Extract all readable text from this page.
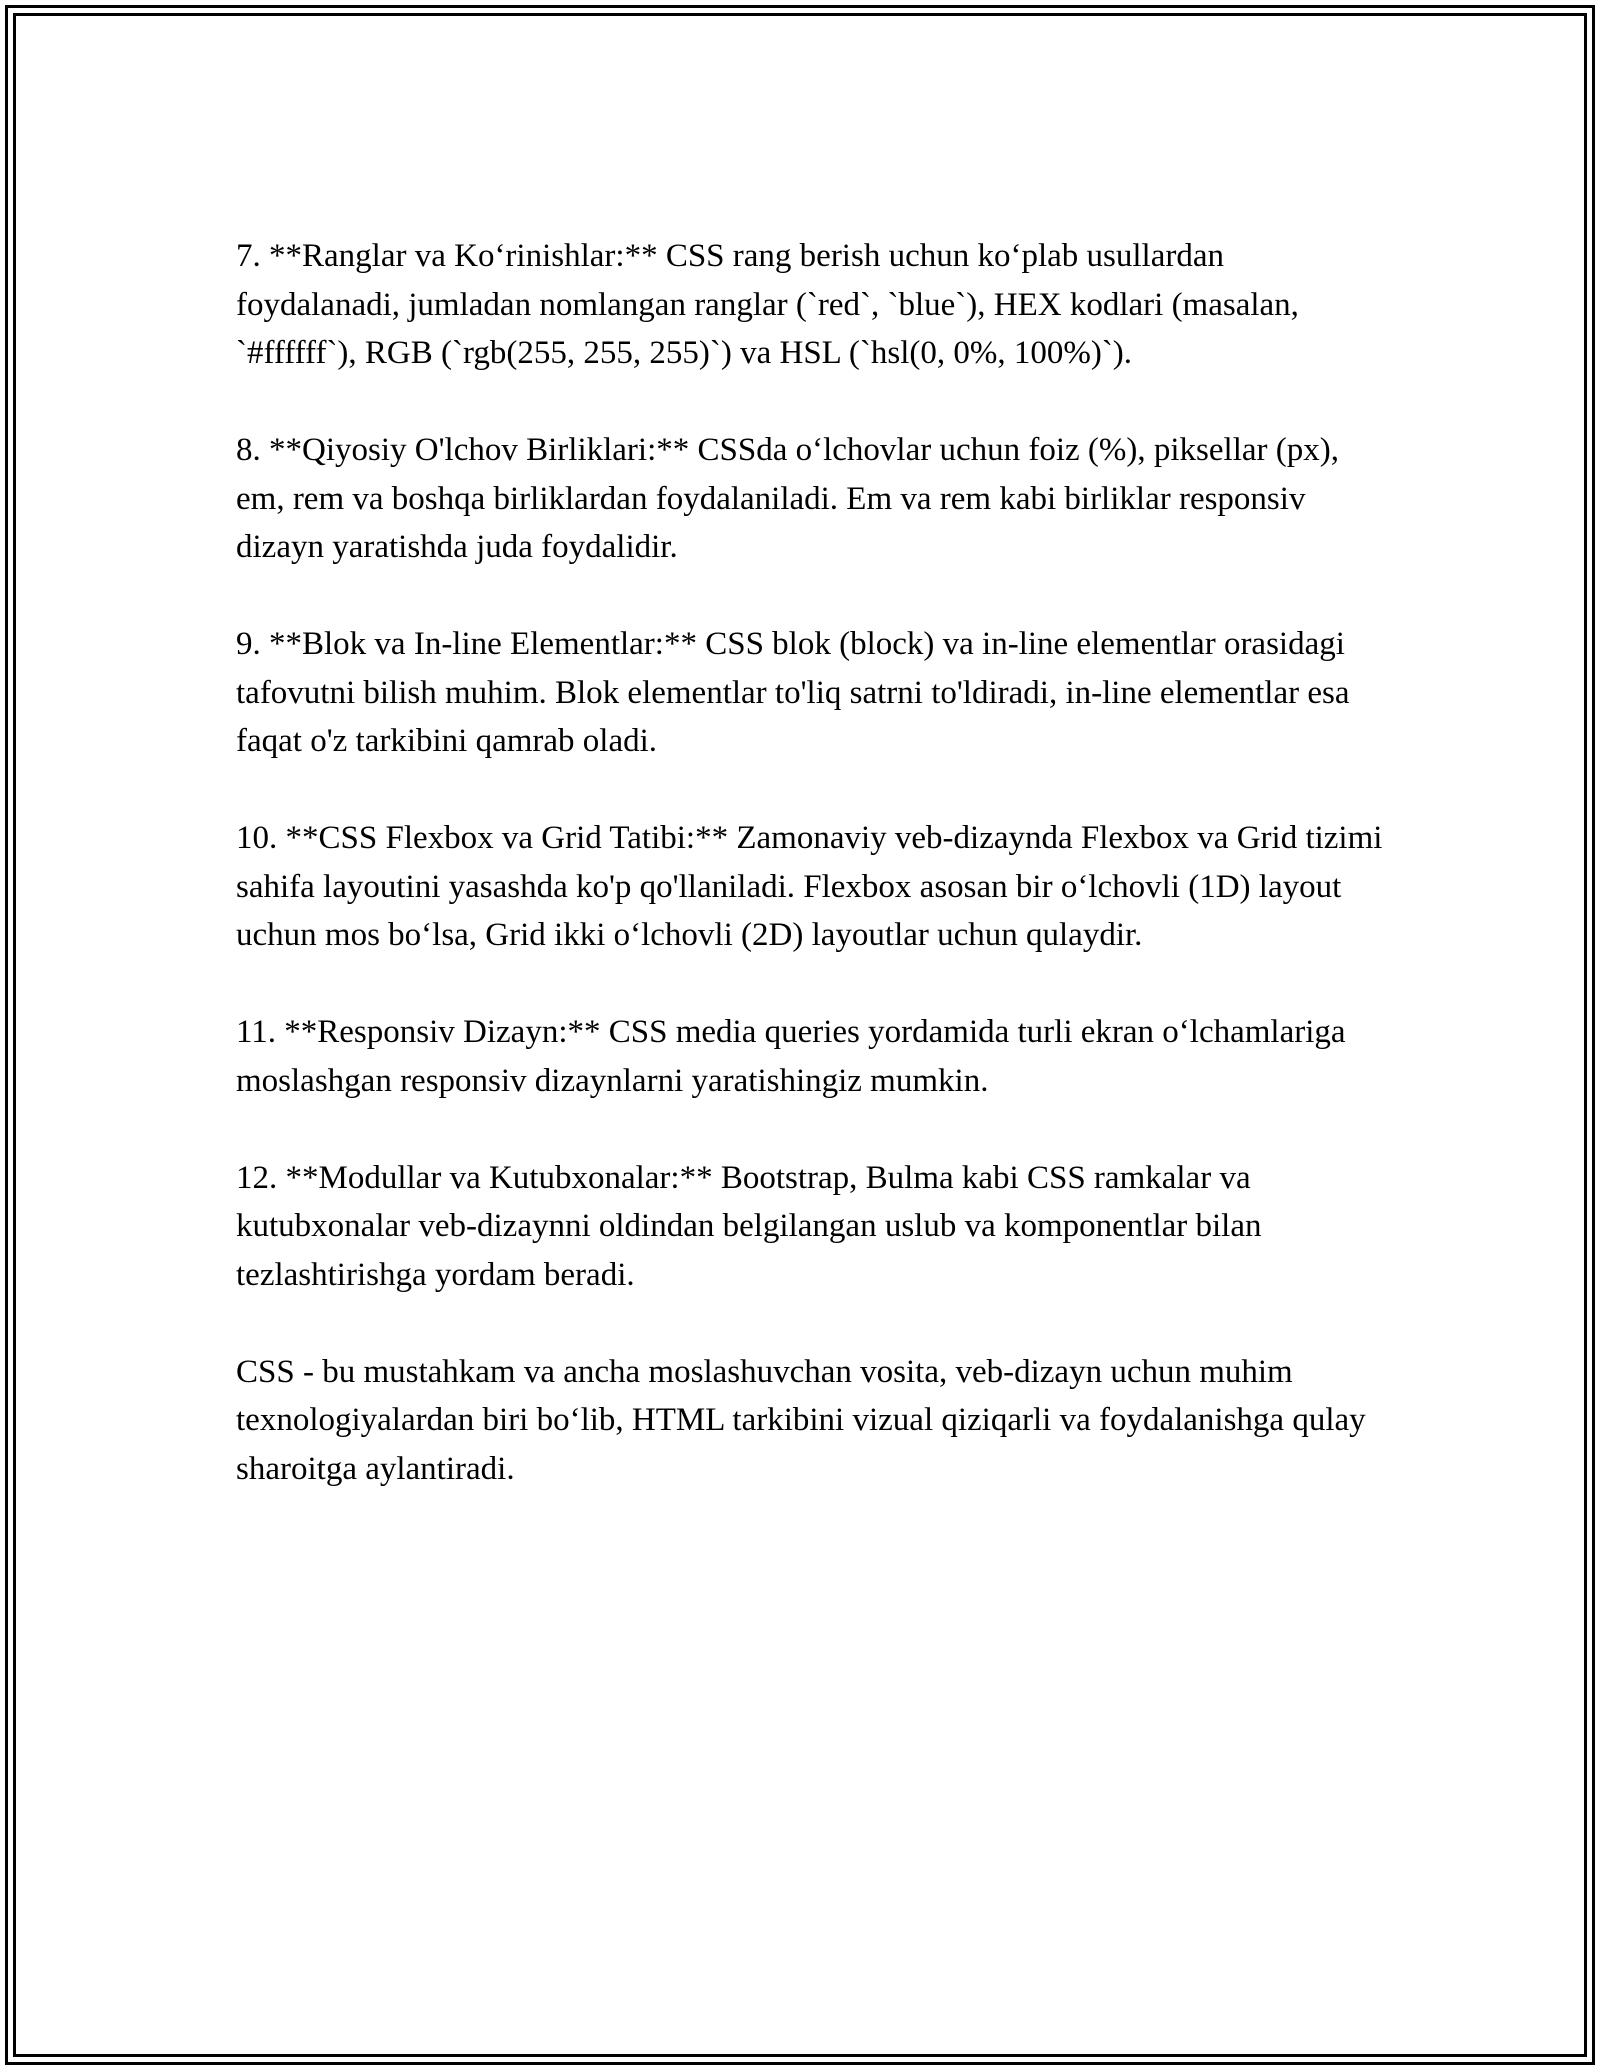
7. **Ranglar va Koʻrinishlar:** CSS rang berish uchun koʻplab usullardan foydalanadi, jumladan nomlangan ranglar (`red`, `blue`), HEX kodlari (masalan, `#ffffff`), RGB (`rgb(255, 255, 255)`) va HSL (`hsl(0, 0%, 100%)`).

8. **Qiyosiy O'lchov Birliklari:** CSSda oʻlchovlar uchun foiz (%), piksellar (px), em, rem va boshqa birliklardan foydalaniladi. Em va rem kabi birliklar responsiv dizayn yaratishda juda foydalidir.

9. **Blok va In-line Elementlar:** CSS blok (block) va in-line elementlar orasidagi tafovutni bilish muhim. Blok elementlar to'liq satrni to'ldiradi, in-line elementlar esa faqat o'z tarkibini qamrab oladi.

10. **CSS Flexbox va Grid Tatibi:** Zamonaviy veb-dizaynda Flexbox va Grid tizimi sahifa layoutini yasashda ko'p qo'llaniladi. Flexbox asosan bir oʻlchovli (1D) layout uchun mos boʻlsa, Grid ikki oʻlchovli (2D) layoutlar uchun qulaydir.

11. **Responsiv Dizayn:** CSS media queries yordamida turli ekran oʻlchamlariga moslashgan responsiv dizaynlarni yaratishingiz mumkin.

12. **Modullar va Kutubxonalar:** Bootstrap, Bulma kabi CSS ramkalar va kutubxonalar veb-dizaynni oldindan belgilangan uslub va komponentlar bilan tezlashtirishga yordam beradi.

CSS - bu mustahkam va ancha moslashuvchan vosita, veb-dizayn uchun muhim texnologiyalardan biri boʻlib, HTML tarkibini vizual qiziqarli va foydalanishga qulay sharoitga aylantiradi.
